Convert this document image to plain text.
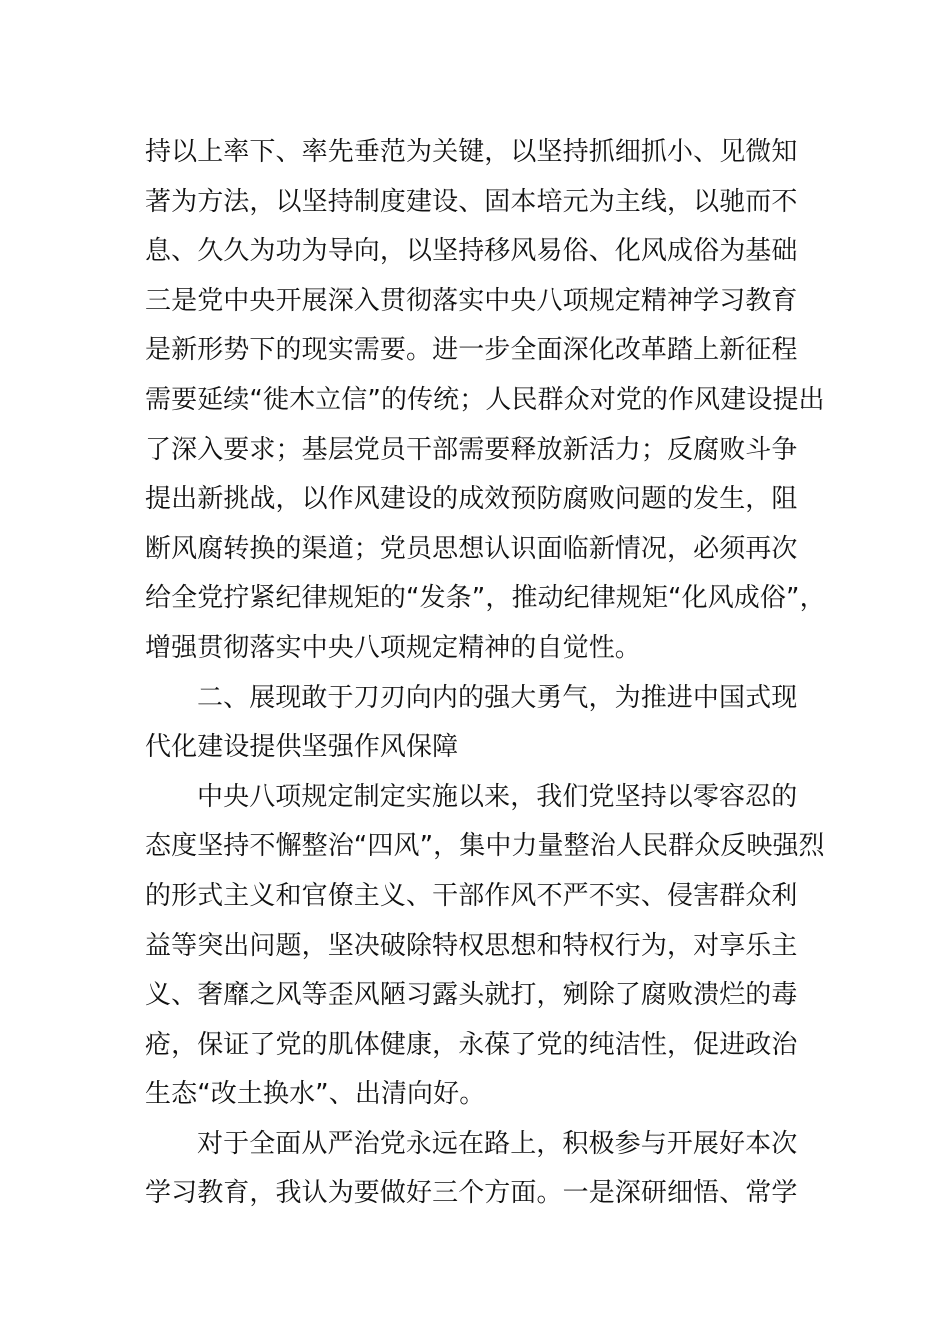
持以上率下、率先垂范为关键，以坚持抓细抓小、见微知
著为方法，以坚持制度建设、固本培元为主线，以驰而不
息、久久为功为导向，以坚持移风易俗、化风成俗为基础
三是党中央开展深入贯彻落实中央八项规定精神学习教育
是新形势下的现实需要。进一步全面深化改革踏上新征程
需要延续“徙木立信”的传统；人民群众对党的作风建设提出
了深入要求；基层党员干部需要释放新活力；反腐败斗争
提出新挑战，以作风建设的成效预防腐败问题的发生，阻
断风腐转换的渠道；党员思想认识面临新情况，必须再次
给全党拧紧纪律规矩的“发条”，推动纪律规矩“化风成俗”，
增强贯彻落实中央八项规定精神的自觉性。
二、展现敢于刀刃向内的强大勇气，为推进中国式现
代化建设提供坚强作风保障
中央八项规定制定实施以来，我们党坚持以零容忍的
态度坚持不懈整治“四风”，集中力量整治人民群众反映强烈
的形式主义和官僚主义、干部作风不严不实、侵害群众利
益等突出问题，坚决破除特权思想和特权行为，对享乐主
义、奢靡之风等歪风陋习露头就打，剜除了腐败溃烂的毒
疮，保证了党的肌体健康，永葆了党的纯洁性，促进政治
生态“改土换水”、出清向好。
对于全面从严治党永远在路上，积极参与开展好本次
学习教育，我认为要做好三个方面。一是深研细悟、常学
